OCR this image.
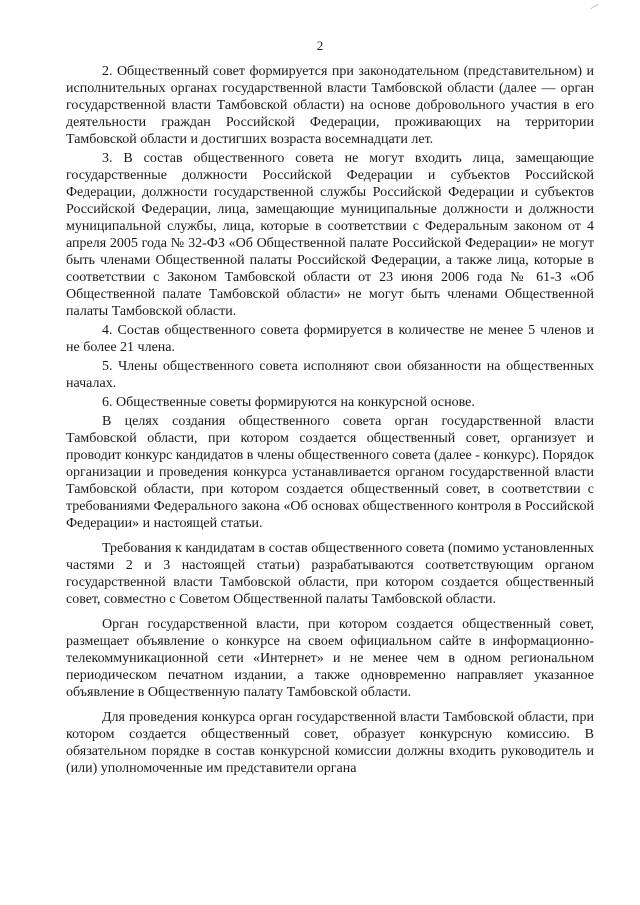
2

2. Общественный совет формируется при законодательном (представительном) и исполнительных органах государственной власти Тамбовской области (далее — орган государственной власти Тамбовской области) на основе добровольного участия в его деятельности граждан Российской Федерации, проживающих на территории Тамбовской области и достигших возраста восемнадцати лет.

3. В состав общественного совета не могут входить лица, замещающие государственные должности Российской Федерации и субъектов Российской Федерации, должности государственной службы Российской Федерации и субъектов Российской Федерации, лица, замещающие муниципальные должности и должности муниципальной службы, лица, которые в соответствии с Федеральным законом от 4 апреля 2005 года № 32-ФЗ «Об Общественной палате Российской Федерации» не могут быть членами Общественной палаты Российской Федерации, а также лица, которые в соответствии с Законом Тамбовской области от 23 июня 2006 года № 61-З «Об Общественной палате Тамбовской области» не могут быть членами Общественной палаты Тамбовской области.

4. Состав общественного совета формируется в количестве не менее 5 членов и не более 21 члена.

5. Члены общественного совета исполняют свои обязанности на общественных началах.

6. Общественные советы формируются на конкурсной основе.

В целях создания общественного совета орган государственной власти Тамбовской области, при котором создается общественный совет, организует и проводит конкурс кандидатов в члены общественного совета (далее - конкурс). Порядок организации и проведения конкурса устанавливается органом государственной власти Тамбовской области, при котором создается общественный совет, в соответствии с требованиями Федерального закона «Об основах общественного контроля в Российской Федерации» и настоящей статьи.

Требования к кандидатам в состав общественного совета (помимо установленных частями 2 и 3 настоящей статьи) разрабатываются соответствующим органом государственной власти Тамбовской области, при котором создается общественный совет, совместно с Советом Общественной палаты Тамбовской области.

Орган государственной власти, при котором создается общественный совет, размещает объявление о конкурсе на своем официальном сайте в информационно-телекоммуникационной сети «Интернет» и не менее чем в одном региональном периодическом печатном издании, а также одновременно направляет указанное объявление в Общественную палату Тамбовской области.

Для проведения конкурса орган государственной власти Тамбовской области, при котором создается общественный совет, образует конкурсную комиссию. В обязательном порядке в состав конкурсной комиссии должны входить руководитель и (или) уполномоченные им представители органа
